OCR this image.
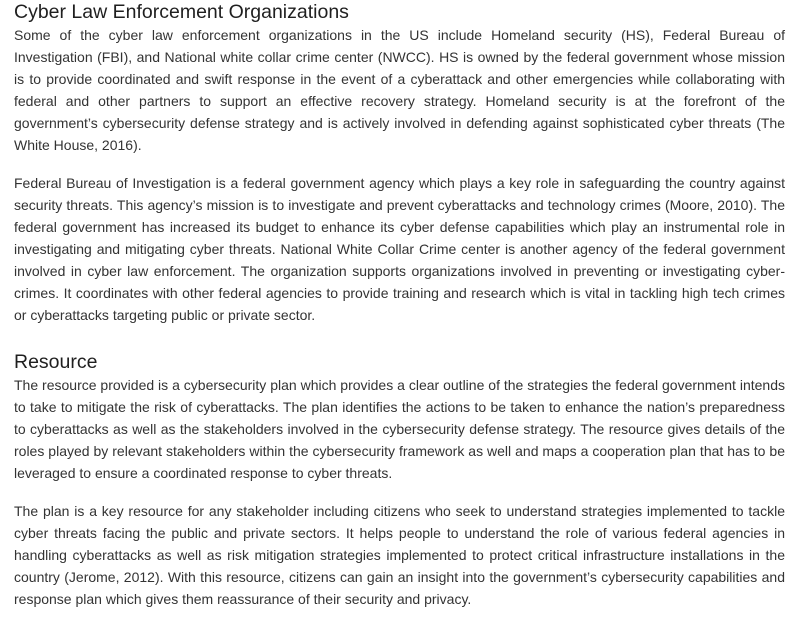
Cyber Law Enforcement Organizations

Some of the cyber law enforcement organizations in the US include Homeland security (HS), Federal Bureau of Investigation (FBI), and National white collar crime center (NWCC). HS is owned by the federal government whose mission is to provide coordinated and swift response in the event of a cyberattack and other emergencies while collaborating with federal and other partners to support an effective recovery strategy. Homeland security is at the forefront of the government’s cybersecurity defense strategy and is actively involved in defending against sophisticated cyber threats (The White House, 2016).

Federal Bureau of Investigation is a federal government agency which plays a key role in safeguarding the country against security threats. This agency’s mission is to investigate and prevent cyberattacks and technology crimes (Moore, 2010). The federal government has increased its budget to enhance its cyber defense capabilities which play an instrumental role in investigating and mitigating cyber threats. National White Collar Crime center is another agency of the federal government involved in cyber law enforcement. The organization supports organizations involved in preventing or investigating cyber-crimes. It coordinates with other federal agencies to provide training and research which is vital in tackling high tech crimes or cyberattacks targeting public or private sector.

Resource

The resource provided is a cybersecurity plan which provides a clear outline of the strategies the federal government intends to take to mitigate the risk of cyberattacks. The plan identifies the actions to be taken to enhance the nation’s preparedness to cyberattacks as well as the stakeholders involved in the cybersecurity defense strategy. The resource gives details of the roles played by relevant stakeholders within the cybersecurity framework as well and maps a cooperation plan that has to be leveraged to ensure a coordinated response to cyber threats.

The plan is a key resource for any stakeholder including citizens who seek to understand strategies implemented to tackle cyber threats facing the public and private sectors. It helps people to understand the role of various federal agencies in handling cyberattacks as well as risk mitigation strategies implemented to protect critical infrastructure installations in the country (Jerome, 2012). With this resource, citizens can gain an insight into the government’s cybersecurity capabilities and response plan which gives them reassurance of their security and privacy.
